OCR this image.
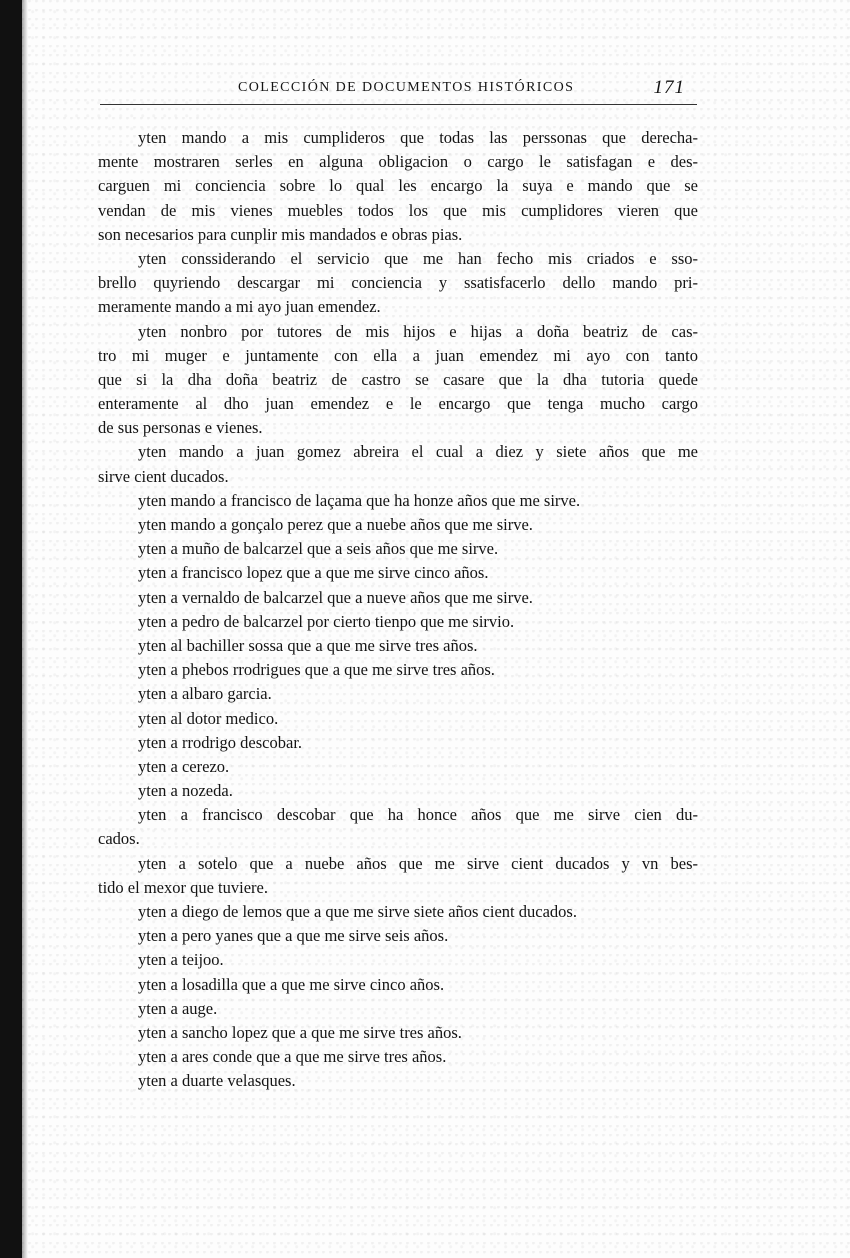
COLECCIÓN DE DOCUMENTOS HISTÓRICOS	171
yten mando a mis cumplideros que todas las perssonas que derecha-
mente mostraren serles en alguna obligacion o cargo le satisfagan e des-
carguen mi conciencia sobre lo qual les encargo la suya e mando que se
vendan de mis vienes muebles todos los que mis cumplidores vieren que
son necesarios para cunplir mis mandados e obras pias.
yten conssiderando el servicio que me han fecho mis criados e sso-
brello quyriendo descargar mi conciencia y ssatisfacerlo dello mando pri-
meramente mando a mi ayo juan emendez.
yten nonbro por tutores de mis hijos e hijas a doña beatriz de cas-
tro mi muger e juntamente con ella a juan emendez mi ayo con tanto
que si la dha doña beatriz de castro se casare que la dha tutoria quede
enteramente al dho juan emendez e le encargo que tenga mucho cargo
de sus personas e vienes.
yten mando a juan gomez abreira el cual a diez y siete años que me
sirve cient ducados.
yten mando a francisco de laçama que ha honze años que me sirve.
yten mando a gonçalo perez que a nuebe años que me sirve.
yten a muño de balcarzel que a seis años que me sirve.
yten a francisco lopez que a que me sirve cinco años.
yten a vernaldo de balcarzel que a nueve años que me sirve.
yten a pedro de balcarzel por cierto tienpo que me sirvio.
yten al bachiller sossa que a que me sirve tres años.
yten a phebos rrodrigues que a que me sirve tres años.
yten a albaro garcia.
yten al dotor medico.
yten a rrodrigo descobar.
yten a cerezo.
yten a nozeda.
yten a francisco descobar que ha honce años que me sirve cien du-
cados.
yten a sotelo que a nuebe años que me sirve cient ducados y vn bes-
tido el mexor que tuviere.
yten a diego de lemos que a que me sirve siete años cient ducados.
yten a pero yanes que a que me sirve seis años.
yten a teijoo.
yten a losadilla que a que me sirve cinco años.
yten a auge.
yten a sancho lopez que a que me sirve tres años.
yten a ares conde que a que me sirve tres años.
yten a duarte velasques.
